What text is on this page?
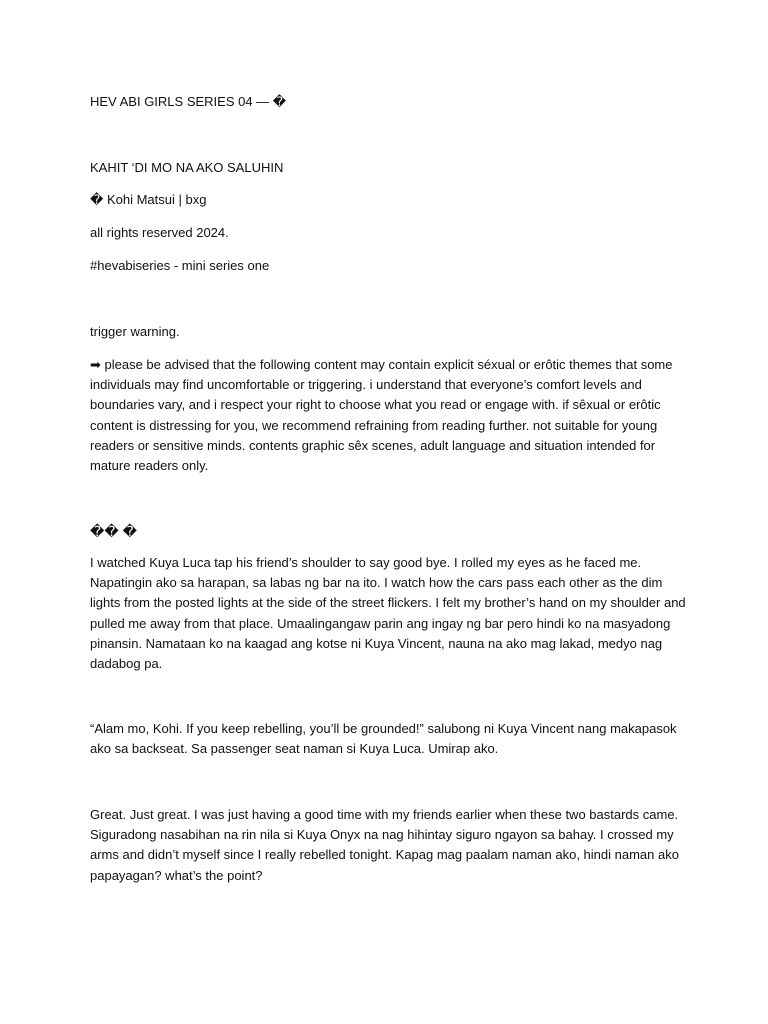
HEV ABI GIRLS SERIES 04 — �

KAHIT ‘DI MO NA AKO SALUHIN

� Kohi Matsui | bxg

all rights reserved 2024.

#hevabiseries - mini series one

trigger warning.

➡ please be advised that the following content may contain explicit séxual or erôtic themes that some individuals may find uncomfortable or triggering. i understand that everyone’s comfort levels and boundaries vary, and i respect your right to choose what you read or engage with. if sêxual or erôtic content is distressing for you, we recommend refraining from reading further. not suitable for young readers or sensitive minds. contents graphic sêx scenes, adult language and situation intended for mature readers only.

�� �

I watched Kuya Luca tap his friend’s shoulder to say good bye. I rolled my eyes as he faced me. Napatingin ako sa harapan, sa labas ng bar na ito. I watch how the cars pass each other as the dim lights from the posted lights at the side of the street flickers. I felt my brother’s hand on my shoulder and pulled me away from that place. Umaalingangaw parin ang ingay ng bar pero hindi ko na masyadong pinansin. Namataan ko na kaagad ang kotse ni Kuya Vincent, nauna na ako mag lakad, medyo nag dadabog pa.

“Alam mo, Kohi. If you keep rebelling, you’ll be grounded!” salubong ni Kuya Vincent nang makapasok ako sa backseat. Sa passenger seat naman si Kuya Luca. Umirap ako.

Great. Just great. I was just having a good time with my friends earlier when these two bastards came. Siguradong nasabihan na rin nila si Kuya Onyx na nag hihintay siguro ngayon sa bahay. I crossed my arms and didn’t myself since I really rebelled tonight. Kapag mag paalam naman ako, hindi naman ako papayagan? what’s the point?
